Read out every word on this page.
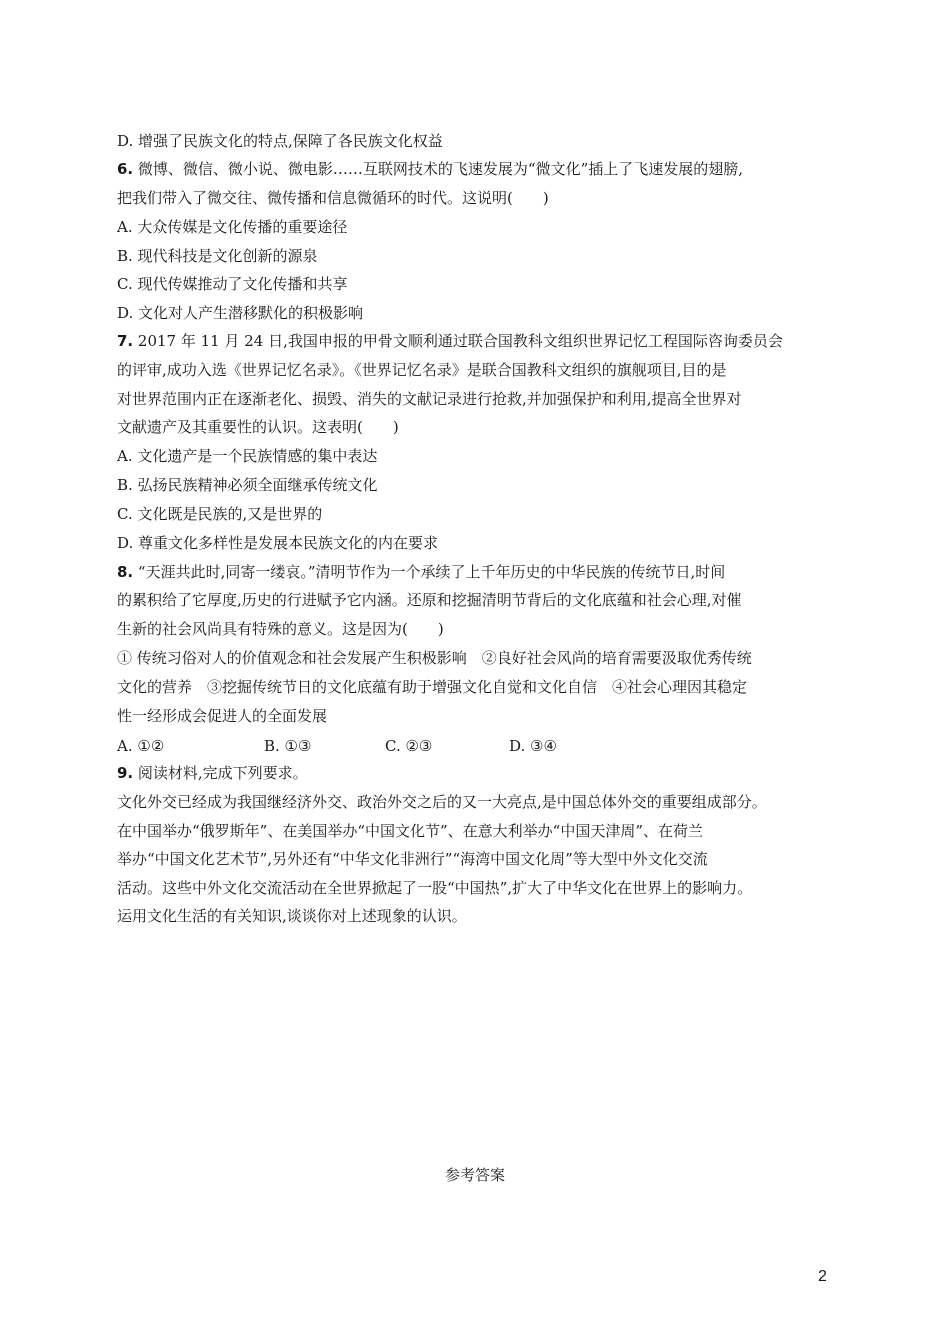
D. 增强了民族文化的特点,保障了各民族文化权益
6. 微博、微信、微小说、微电影……互联网技术的飞速发展为“微文化”插上了飞速发展的翅膀,
把我们带入了微交往、微传播和信息微循环的时代。这说明(　　)
A. 大众传媒是文化传播的重要途径
B. 现代科技是文化创新的源泉
C. 现代传媒推动了文化传播和共享
D. 文化对人产生潜移默化的积极影响
7. 2017 年 11 月 24 日,我国申报的甲骨文顺利通过联合国教科文组织世界记忆工程国际咨询委员会
的评审,成功入选《世界记忆名录》。《世界记忆名录》是联合国教科文组织的旗舰项目,目的是
对世界范围内正在逐渐老化、损毁、消失的文献记录进行抢救,并加强保护和利用,提高全世界对
文献遗产及其重要性的认识。这表明(　　)
A. 文化遗产是一个民族情感的集中表达
B. 弘扬民族精神必须全面继承传统文化
C. 文化既是民族的,又是世界的
D. 尊重文化多样性是发展本民族文化的内在要求
8. “天涯共此时,同寄一缕哀。”清明节作为一个承续了上千年历史的中华民族的传统节日,时间
的累积给了它厚度,历史的行进赋予它内涵。还原和挖掘清明节背后的文化底蕴和社会心理,对催
生新的社会风尚具有特殊的意义。这是因为(　　)
① 传统习俗对人的价值观念和社会发展产生积极影响　②良好社会风尚的培育需要汲取优秀传统
文化的营养　③挖掘传统节日的文化底蕴有助于增强文化自觉和文化自信　④社会心理因其稳定
性一经形成会促进人的全面发展
A. ①②	B. ①③	C. ②③	D. ③④
9. 阅读材料,完成下列要求。
文化外交已经成为我国继经济外交、政治外交之后的又一大亮点,是中国总体外交的重要组成部分。
在中国举办“俄罗斯年”、在美国举办“中国文化节”、在意大利举办“中国天津周”、在荷兰
举办“中国文化艺术节”,另外还有“中华文化非洲行”“海湾中国文化周”等大型中外文化交流
活动。这些中外文化交流活动在全世界掀起了一股“中国热”,扩大了中华文化在世界上的影响力。
运用文化生活的有关知识,谈谈你对上述现象的认识。
参考答案
2
